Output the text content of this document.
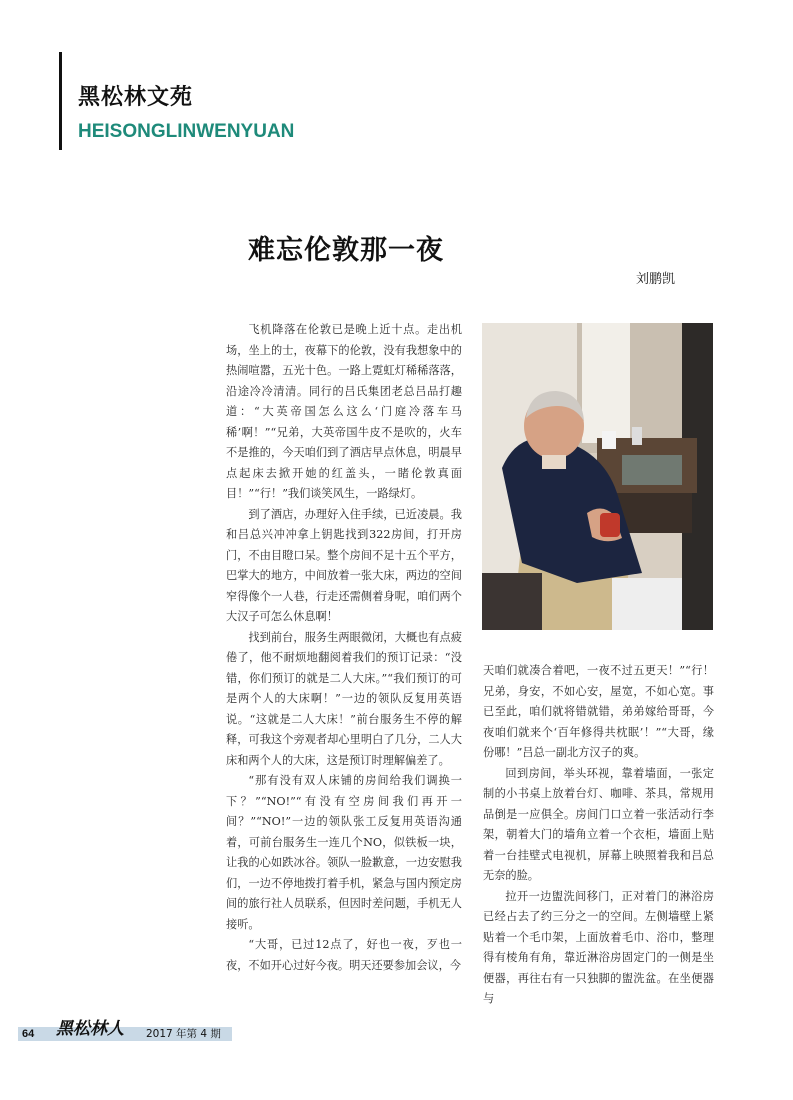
黑松林文苑
HEISONGLINWENYUAN
难忘伦敦那一夜
刘鹏凯

飞机降落在伦敦已是晚上近十点。走出机场，坐上的士，夜幕下的伦敦，没有我想象中的热闹喧嚣，五光十色。一路上霓虹灯稀稀落落，沿途冷冷清清。同行的吕氏集团老总吕品打趣道：“大英帝国怎么这么‘门庭冷落车马稀’啊！”“兄弟，大英帝国牛皮不是吹的，火车不是推的，今天咱们到了酒店早点休息，明晨早点起床去掀开她的红盖头，一睹伦敦真面目！”“行！”我们谈笑风生，一路绿灯。

到了酒店，办理好入住手续，已近凌晨。我和吕总兴冲冲拿上钥匙找到322房间，打开房门，不由目瞪口呆。整个房间不足十五个平方，巴掌大的地方，中间放着一张大床，两边的空间窄得像个一人巷，行走还需侧着身呢，咱们两个大汉子可怎么休息啊！

找到前台，服务生两眼微闭，大概也有点疲倦了，他不耐烦地翻阅着我们的预订记录：“没错，你们预订的就是二人大床。”“我们预订的可是两个人的大床啊！”一边的领队反复用英语说。“这就是二人大床！”前台服务生不停的解释，可我这个旁观者却心里明白了几分，二人大床和两个人的大床，这是预订时理解偏差了。

“那有没有双人床铺的房间给我们调换一下？”“NO!”“有没有空房间我们再开一间？”“NO!”一边的领队张工反复用英语沟通着，可前台服务生一连几个NO，似铁板一块，让我的心如跌冰谷。领队一脸歉意，一边安慰我们，一边不停地拨打着手机，紧急与国内预定房间的旅行社人员联系，但因时差问题，手机无人接听。

“大哥，已过12点了，好也一夜，歹也一夜，不如开心过好今夜。明天还要参加会议，今

天咱们就凑合着吧，一夜不过五更天！”“行！兄弟，身安，不如心安，屋宽，不如心宽。事已至此，咱们就将错就错，弟弟嫁给哥哥，今夜咱们就来个‘百年修得共枕眠’！”“大哥，缘份哪！”吕总一副北方汉子的爽。

回到房间，举头环视，靠着墙面，一张定制的小书桌上放着台灯、咖啡、茶具，常规用品倒是一应俱全。房间门口立着一张活动行李架，朝着大门的墙角立着一个衣柜，墙面上贴着一台挂壁式电视机，屏幕上映照着我和吕总无奈的脸。

拉开一边盥洗间移门，正对着门的淋浴房已经占去了约三分之一的空间。左侧墙壁上紧贴着一个毛巾架，上面放着毛巾、浴巾，整理得有棱角有角，靠近淋浴房固定门的一侧是坐便器，再往右有一只独脚的盥洗盆。在坐便器与

64 黑松林人 2017 年第 4 期
